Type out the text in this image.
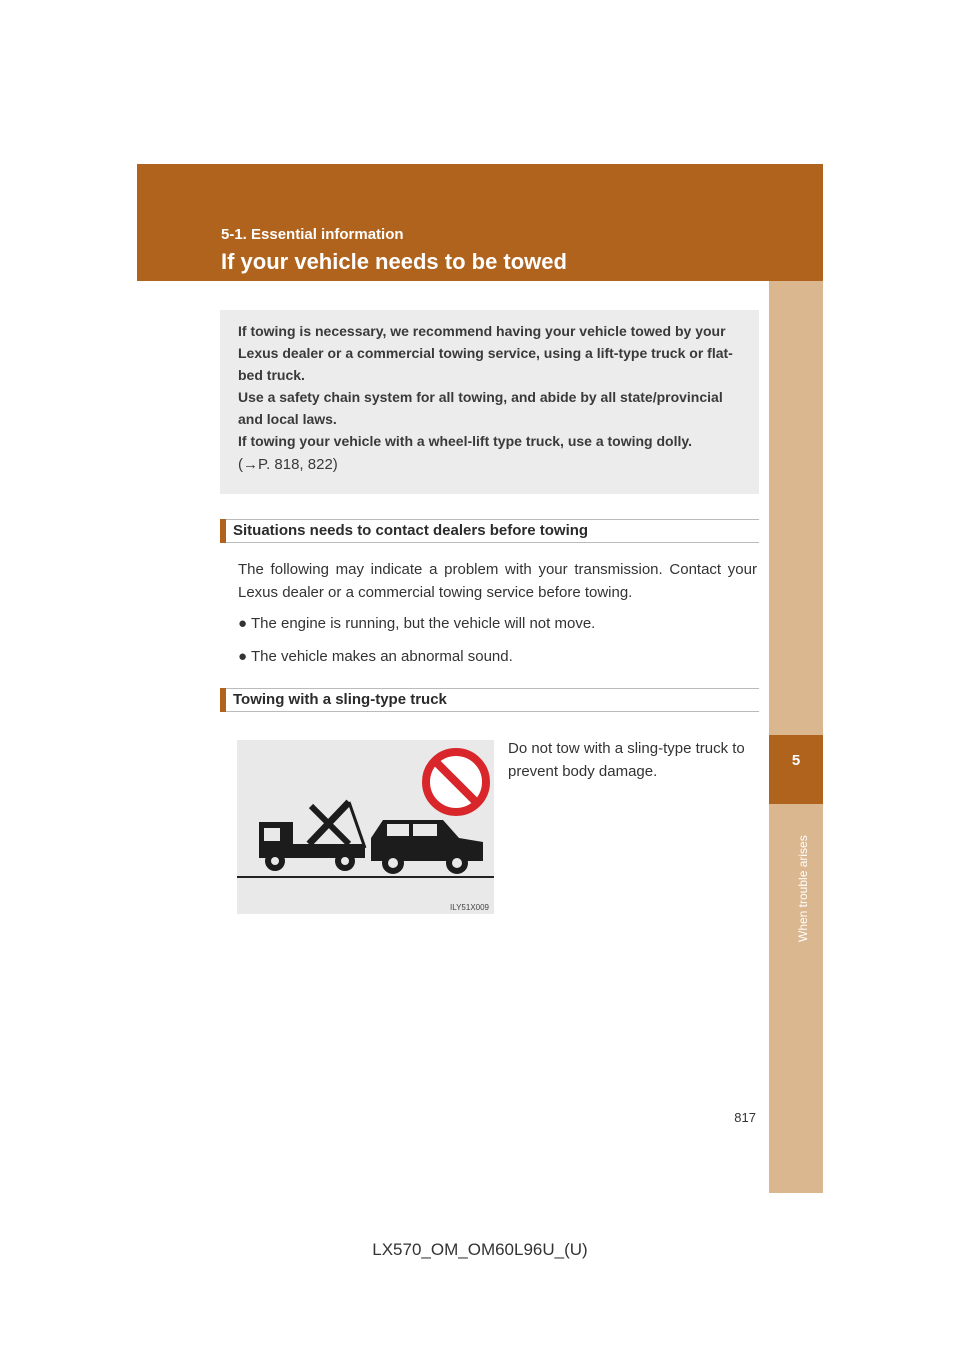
5-1. Essential information
If your vehicle needs to be towed
5
When trouble arises

If towing is necessary, we recommend having your vehicle towed by your Lexus dealer or a commercial towing service, using a lift-type truck or flat-bed truck.

Use a safety chain system for all towing, and abide by all state/provincial and local laws.

If towing your vehicle with a wheel-lift type truck, use a towing dolly.

(→P. 818, 822)

Situations needs to contact dealers before towing
The following may indicate a problem with your transmission. Contact your Lexus dealer or a commercial towing service before towing.
● The engine is running, but the vehicle will not move.
● The vehicle makes an abnormal sound.
Towing with a sling-type truck
ILY51X009
Do not tow with a sling-type truck to prevent body damage.
817
LX570_OM_OM60L96U_(U)
